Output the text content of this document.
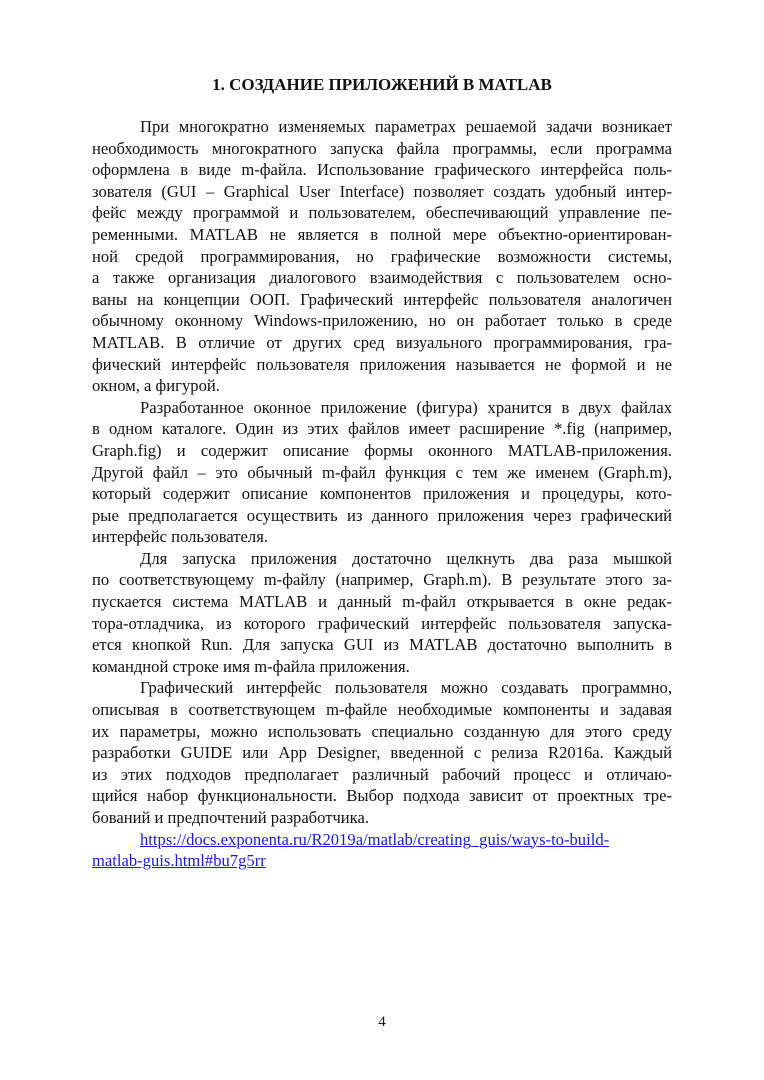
1. СОЗДАНИЕ ПРИЛОЖЕНИЙ В MATLAB
При многократно изменяемых параметрах решаемой задачи возникает
необходимость многократного запуска файла программы, если программа
оформлена в виде m-файла. Использование графического интерфейса поль-
зователя (GUI – Graphical User Interface) позволяет создать удобный интер-
фейс между программой и пользователем, обеспечивающий управление пе-
ременными. MATLAB не является в полной мере объектно-ориентирован-
ной средой программирования, но графические возможности системы,
а также организация диалогового взаимодействия с пользователем осно-
ваны на концепции ООП. Графический интерфейс пользователя аналогичен
обычному оконному Windows-приложению, но он работает только в среде
MATLAB. В отличие от других сред визуального программирования, гра-
фический интерфейс пользователя приложения называется не формой и не
окном, а фигурой.
Разработанное оконное приложение (фигура) хранится в двух файлах
в одном каталоге. Один из этих файлов имеет расширение *.fig (например,
Graph.fig) и содержит описание формы оконного MATLAB-приложения.
Другой файл – это обычный m-файл функция с тем же именем (Graph.m),
который содержит описание компонентов приложения и процедуры, кото-
рые предполагается осуществить из данного приложения через графический
интерфейс пользователя.
Для запуска приложения достаточно щелкнуть два раза мышкой
по соответствующему m-файлу (например, Graph.m). В результате этого за-
пускается система MATLAB и данный m-файл открывается в окне редак-
тора-отладчика, из которого графический интерфейс пользователя запуска-
ется кнопкой Run. Для запуска GUI из MATLAB достаточно выполнить в
командной строке имя m-файла приложения.
Графический интерфейс пользователя можно создавать программно,
описывая в соответствующем m-файле необходимые компоненты и задавая
их параметры, можно использовать специально созданную для этого среду
разработки GUIDE или App Designer, введенной с релиза R2016a. Каждый
из этих подходов предполагает различный рабочий процесс и отличаю-
щийся набор функциональности. Выбор подхода зависит от проектных тре-
бований и предпочтений разработчика.
https://docs.exponenta.ru/R2019a/matlab/creating_guis/ways-to-build-
matlab-guis.html#bu7g5rr
4
